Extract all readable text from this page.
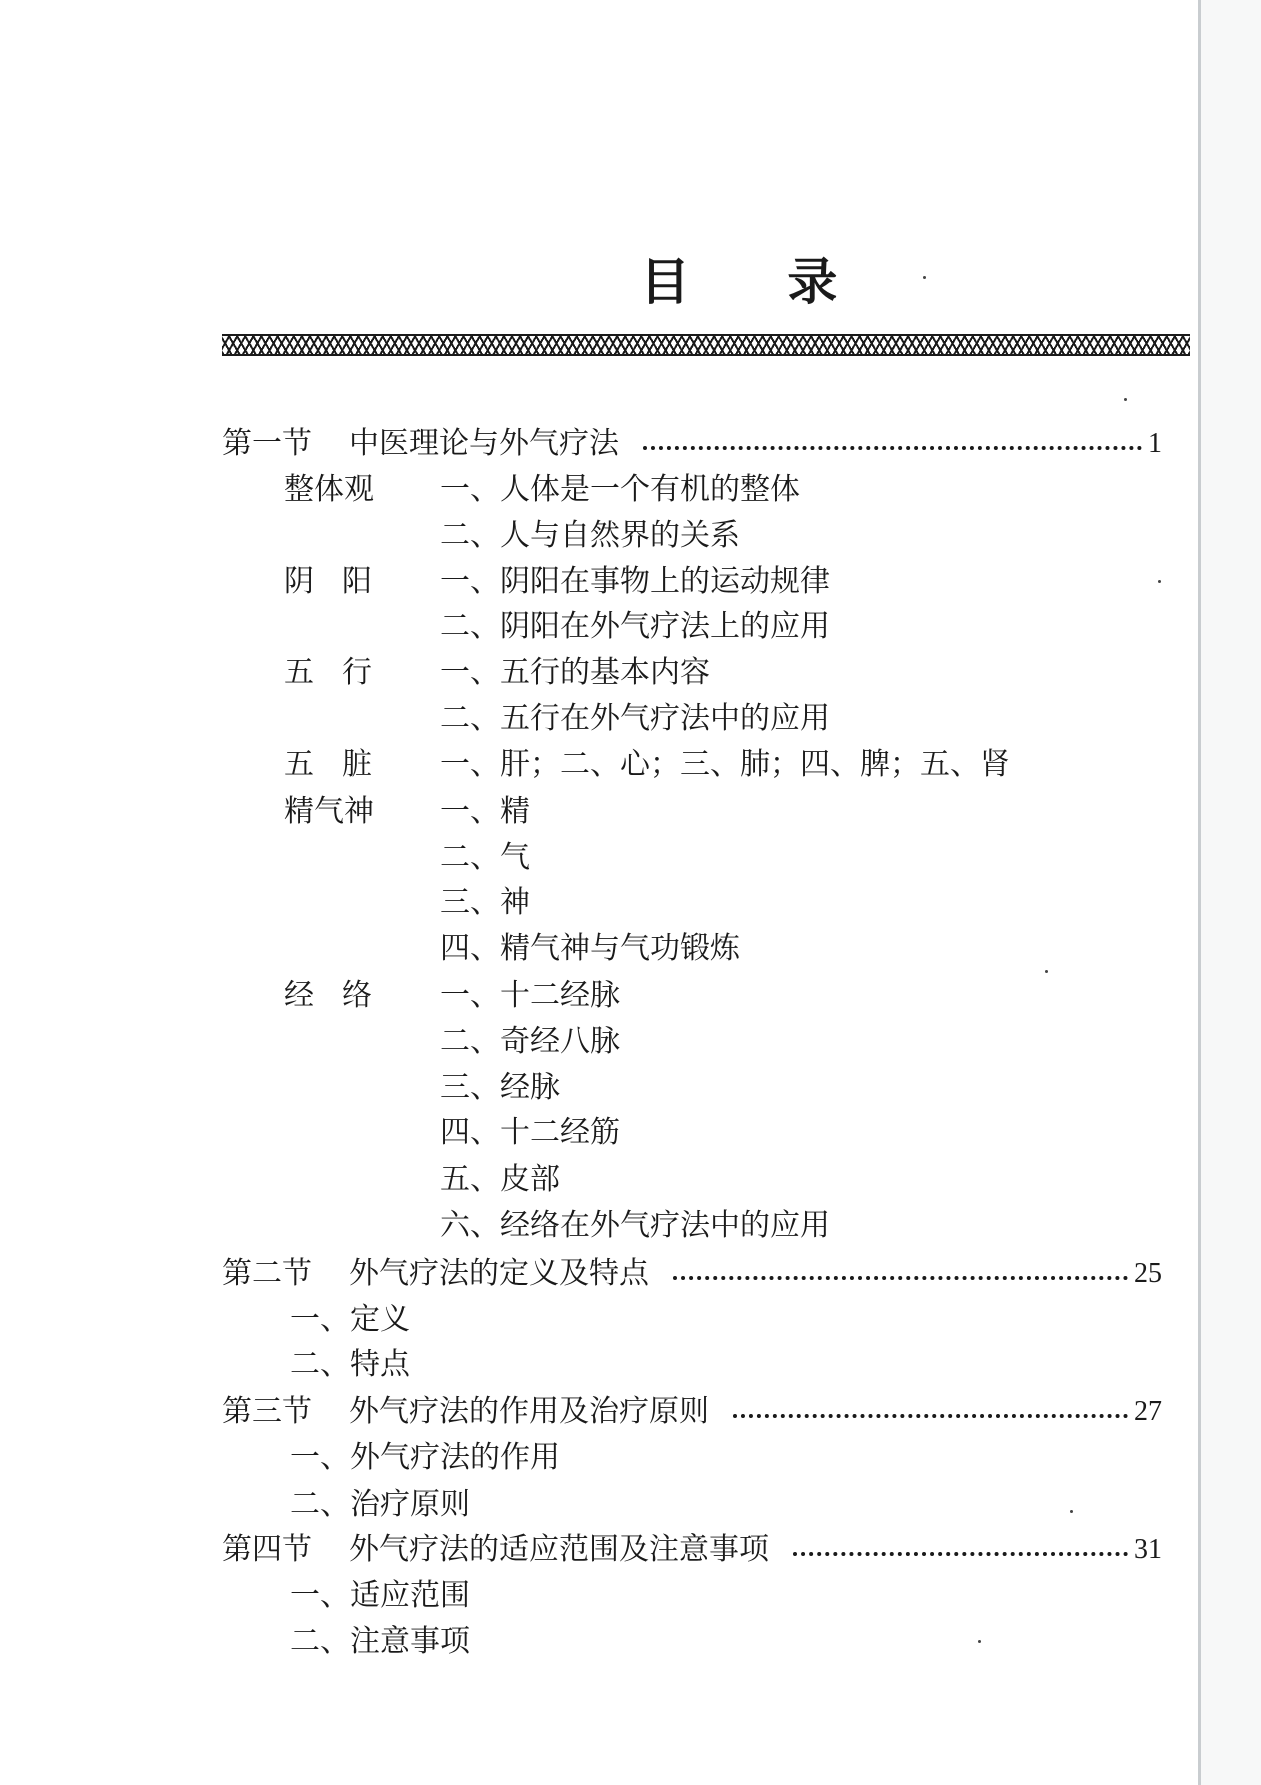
目 录
第一节	中医理论与外气疗法	1
整体观	一、人体是一个有机的整体
二、人与自然界的关系
阴阳 一、阴阳在事物上的运动规律
二、阴阳在外气疗法上的应用
五行 一、五行的基本内容
二、五行在外气疗法中的应用
五脏 一、肝；二、心；三、肺；四、脾；五、肾
精气神	一、精
二、气
三、神
四、精气神与气功锻炼
经络 一、十二经脉
二、奇经八脉
三、经脉
四、十二经筋
五、皮部
六、经络在外气疗法中的应用
第二节	外气疗法的定义及特点	25
一、定义
二、特点
第三节	外气疗法的作用及治疗原则	27
一、外气疗法的作用
二、治疗原则
第四节	外气疗法的适应范围及注意事项	31
一、适应范围
二、注意事项
